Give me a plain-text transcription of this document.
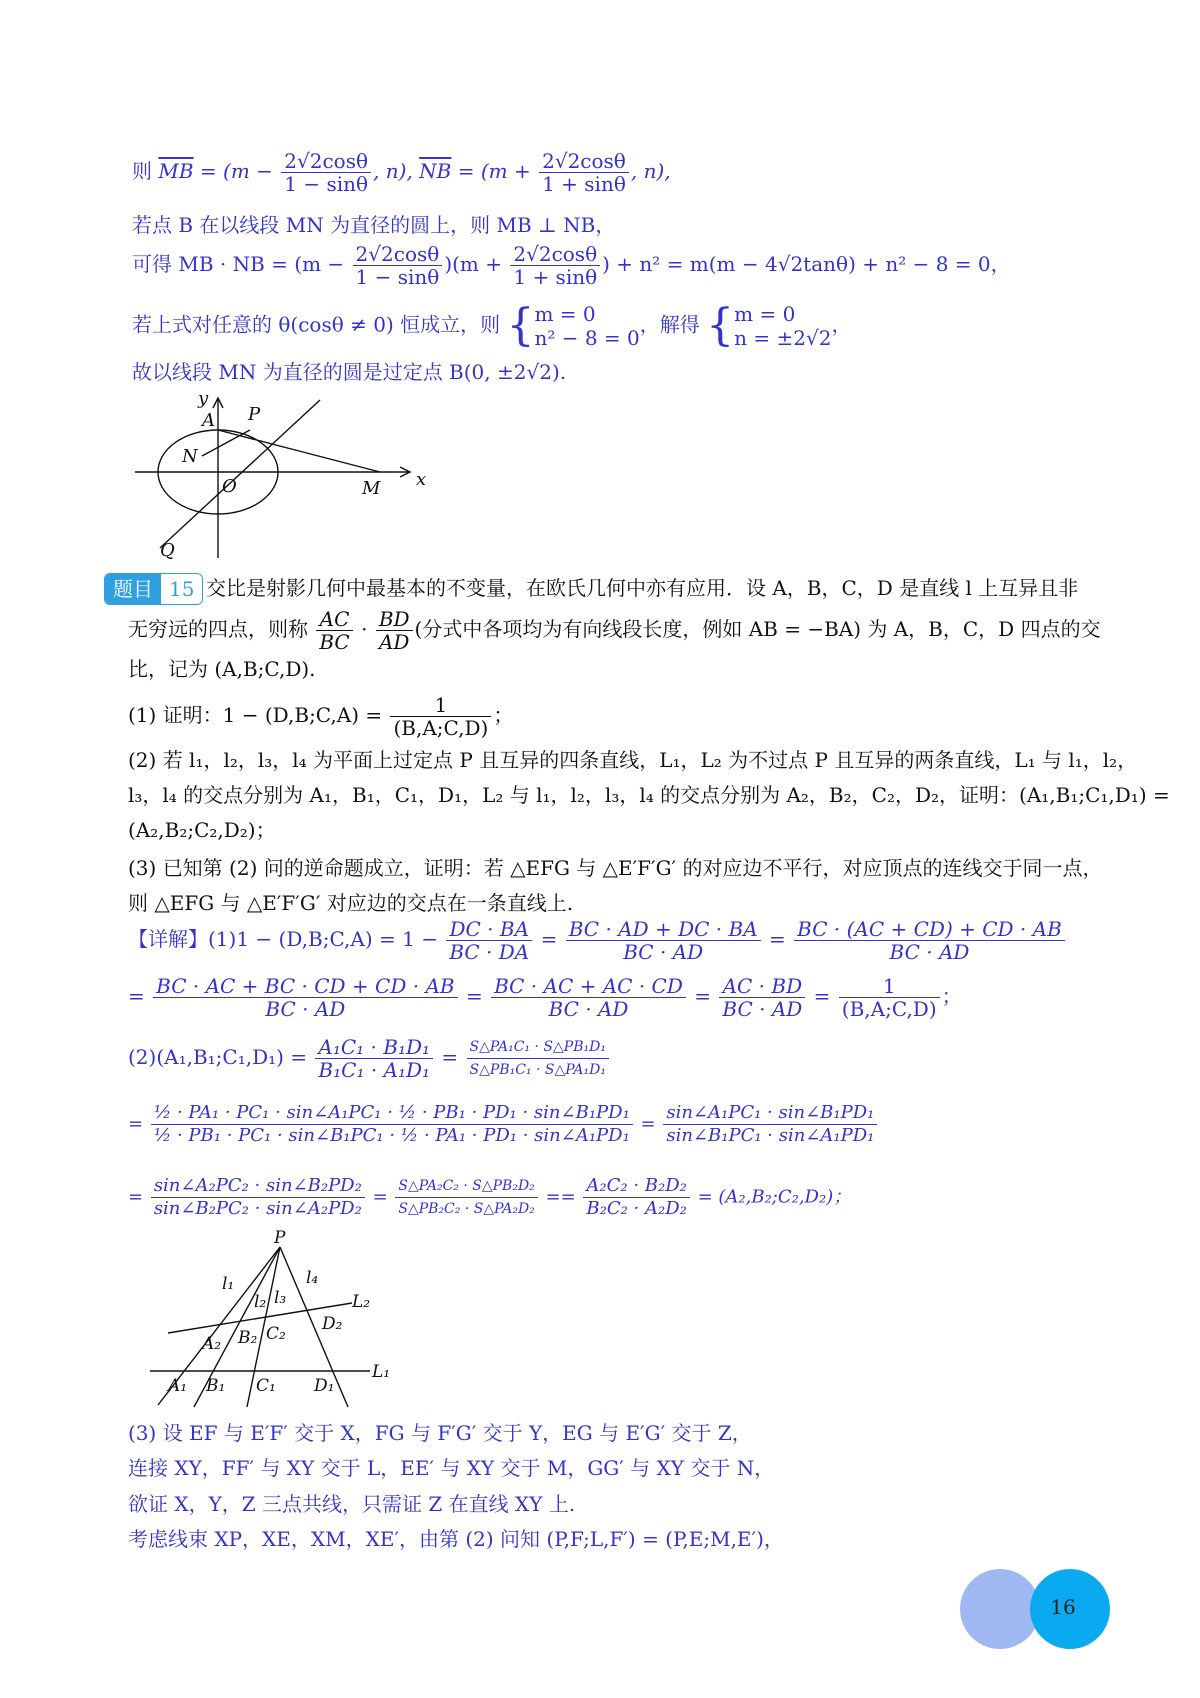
则 $\overline{MB} = (m - \frac{2√2\cos\theta}{1 - \sin\theta}$ , n), $\overline{NB} = (m + \frac{2√2\cos\theta}{1 + \sin\theta}$ , n),
若点 B 在以线段 MN 为直径的圆上，则 MB ⊥ NB，
可得 MB · NB = $(m - \frac{2√2\cos\theta}{1 - \sin\theta} )(m + \frac{2√2\cos\theta}{1 + \sin\theta}$ ) + n² = m(m − 4√2tanθ) + n² − 8 = 0，
若上式对任意的 θ(cosθ ≠ 0) 恒成立，则 {m = 0
n² − 8 = 0，解得 {m = 0
n = ±2√2，
故以线段 MN 为直径的圆是过定点 B(0, ±2√2).
y
x
A P
N
O	M
Q
题目 15 交比是射影几何中最基本的不变量，在欧氏几何中亦有应用．设 A，B，C，D 是直线 l 上互异且非
无穷远的四点，则称 $\frac{AC}{BC} \cdot \frac{BD}{AD}$ (分式中各项均为有向线段长度，例如 AB = −BA) 为 A，B，C，D 四点的交
比，记为 (A,B;C,D).
(1) 证明：1 − (D,B;C,A) = $\frac{1}{(B,A;C,D)}$ ；
(2) 若 l₁，l₂，l₃，l₄ 为平面上过定点 P 且互异的四条直线，L₁，L₂ 为不过点 P 且互异的两条直线，L₁ 与 l₁，l₂，
l₃，l₄ 的交点分别为 A₁，B₁，C₁，D₁，L₂ 与 l₁，l₂，l₃，l₄ 的交点分别为 A₂，B₂，C₂，D₂，证明：(A₁,B₁;C₁,D₁) =
(A₂,B₂;C₂,D₂)；
(3) 已知第 (2) 问的逆命题成立，证明：若 △EFG 与 △E′F′G′ 的对应边不平行，对应顶点的连线交于同一点，
则 △EFG 与 △E′F′G′ 对应边的交点在一条直线上.
【详解】(1)1 − (D,B;C,A) = $1 - \frac{DC \cdot BA}{BC \cdot DA} = \frac{BC \cdot AD + DC \cdot BA}{BC \cdot AD} = \frac{BC \cdot (AC + CD) + CD \cdot AB}{BC \cdot AD}$
= $\frac{BC \cdot AC + BC \cdot CD + CD \cdot AB}{BC \cdot AD} = \frac{BC \cdot AC + AC \cdot CD}{BC \cdot AD} = \frac{AC \cdot BD}{BC \cdot AD} = \frac{1}{(B,A;C,D)}$ ；
(2)(A₁,B₁;C₁,D₁) = $\frac{\text{A₁C₁ · B₁D₁}}{\text{B₁C₁ · A₁D₁}} = \frac{\text{S△PA₁C₁ · S△PB₁D₁}}{\text{S△PB₁C₁ · S△PA₁D₁}}$
= $\frac{\text{½ · PA₁ · PC₁ · sin∠A₁PC₁ · ½ · PB₁ · PD₁ · sin∠B₁PD₁}}{\text{½ · PB₁ · PC₁ · sin∠B₁PC₁ · ½ · PA₁ · PD₁ · sin∠A₁PD₁}} = \frac{\text{sin∠A₁PC₁ · sin∠B₁PD₁}}{\text{sin∠B₁PC₁ · sin∠A₁PD₁}}$
= $\frac{\text{sin∠A₂PC₂ · sin∠B₂PD₂}}{\text{sin∠B₂PC₂ · sin∠A₂PD₂}} = \frac{\text{S△PA₂C₂ · S△PB₂D₂}}{\text{S△PB₂C₂ · S△PA₂D₂}} == \frac{\text{A₂C₂ · B₂D₂}}{\text{B₂C₂ · A₂D₂}}$ = (A₂,B₂;C₂,D₂)；
P
l₁
l₂ l₃
l₄
L₂
L₁
A₂ B₂ C₂ D₂
A₁ B₁ C₁ D₁
(3) 设 EF 与 E′F′ 交于 X，FG 与 F′G′ 交于 Y，EG 与 E′G′ 交于 Z，
连接 XY，FF′ 与 XY 交于 L，EE′ 与 XY 交于 M，GG′ 与 XY 交于 N，
欲证 X，Y，Z 三点共线，只需证 Z 在直线 XY 上.
考虑线束 XP，XE，XM，XE′，由第 (2) 问知 (P,F;L,F′) = (P,E;M,E′)，
16
